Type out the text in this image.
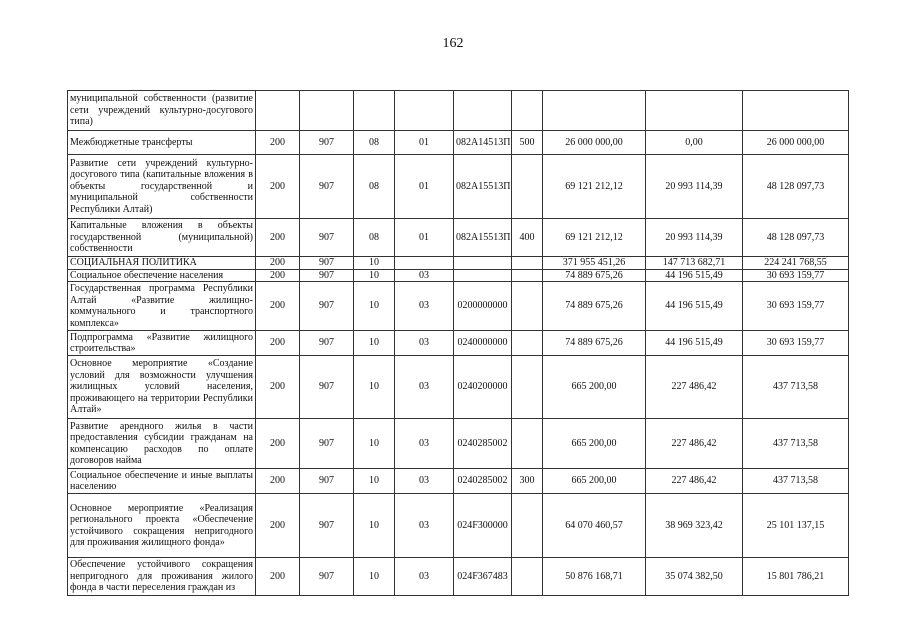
162
муниципальной собственности (развитие сети учреждений культурно-досугового типа)									
Межбюджетные трансферты	200	907	08	01	082A14513П	500	26 000 000,00	0,00	26 000 000,00
Развитие сети учреждений культурно-досугового типа (капитальные вложения в объекты государственной и муниципальной собственности Республики Алтай)	200	907	08	01	082A15513П		69 121 212,12	20 993 114,39	48 128 097,73
Капитальные вложения в объекты государственной (муниципальной) собственности	200	907	08	01	082A15513П	400	69 121 212,12	20 993 114,39	48 128 097,73
СОЦИАЛЬНАЯ ПОЛИТИКА	200	907	10				371 955 451,26	147 713 682,71	224 241 768,55
Социальное обеспечение населения	200	907	10	03			74 889 675,26	44 196 515,49	30 693 159,77
Государственная программа Республики Алтай «Развитие жилищно-коммунального и транспортного комплекса»	200	907	10	03	0200000000		74 889 675,26	44 196 515,49	30 693 159,77
Подпрограмма «Развитие жилищного строительства»	200	907	10	03	0240000000		74 889 675,26	44 196 515,49	30 693 159,77
Основное мероприятие «Создание условий для возможности улучшения жилищных условий населения, проживающего на территории Республики Алтай»	200	907	10	03	0240200000		665 200,00	227 486,42	437 713,58
Развитие арендного жилья в части предоставления субсидии гражданам на компенсацию расходов по оплате договоров найма	200	907	10	03	0240285002		665 200,00	227 486,42	437 713,58
Социальное обеспечение и иные выплаты населению	200	907	10	03	0240285002	300	665 200,00	227 486,42	437 713,58
Основное мероприятие «Реализация регионального проекта «Обеспечение устойчивого сокращения непригодного для проживания жилищного фонда»	200	907	10	03	024F300000		64 070 460,57	38 969 323,42	25 101 137,15
Обеспечение устойчивого сокращения непригодного для проживания жилого фонда в части переселения граждан из	200	907	10	03	024F367483		50 876 168,71	35 074 382,50	15 801 786,21
